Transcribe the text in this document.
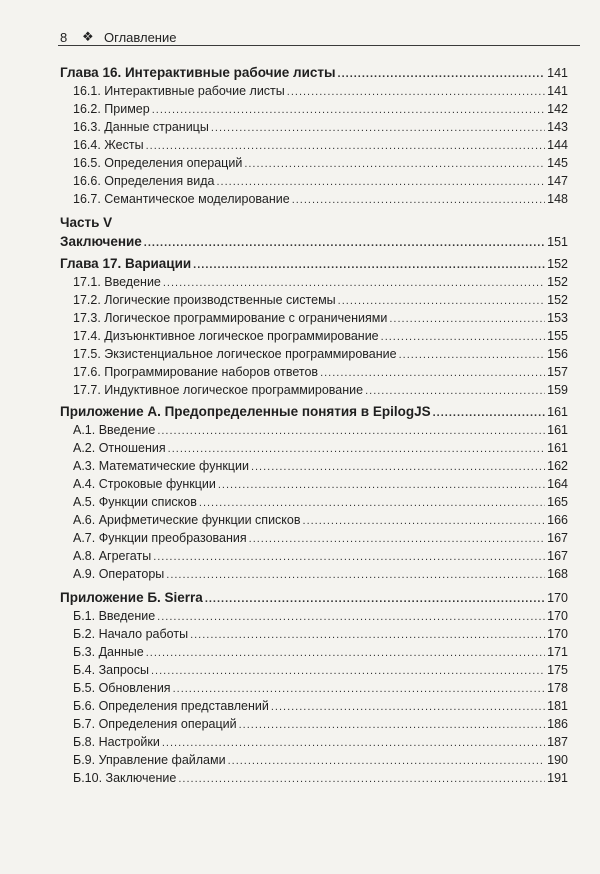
8 ❖ Оглавление
Глава 16. Интерактивные рабочие листы .....	141
16.1. Интерактивные рабочие листы .....	141
16.2. Пример .....	142
16.3. Данные страницы .....	143
16.4. Жесты .....	144
16.5. Определения операций .....	145
16.6. Определения вида .....	147
16.7. Семантическое моделирование .....	148
Часть V
Заключение .....	151
Глава 17. Вариации .....	152
17.1. Введение .....	152
17.2. Логические производственные системы .....	152
17.3. Логическое программирование с ограничениями .....	153
17.4. Дизъюнктивное логическое программирование .....	155
17.5. Экзистенциальное логическое программирование .....	156
17.6. Программирование наборов ответов .....	157
17.7. Индуктивное логическое программирование .....	159
Приложение А. Предопределенные понятия в EpilogJS .....	161
А.1. Введение .....	161
А.2. Отношения .....	161
А.3. Математические функции .....	162
А.4. Строковые функции .....	164
А.5. Функции списков .....	165
А.6. Арифметические функции списков .....	166
А.7. Функции преобразования .....	167
А.8. Агрегаты .....	167
А.9. Операторы .....	168
Приложение Б. Sierra .....	170
Б.1. Введение .....	170
Б.2. Начало работы .....	170
Б.3. Данные .....	171
Б.4. Запросы .....	175
Б.5. Обновления .....	178
Б.6. Определения представлений .....	181
Б.7. Определения операций .....	186
Б.8. Настройки .....	187
Б.9. Управление файлами .....	190
Б.10. Заключение .....	191
